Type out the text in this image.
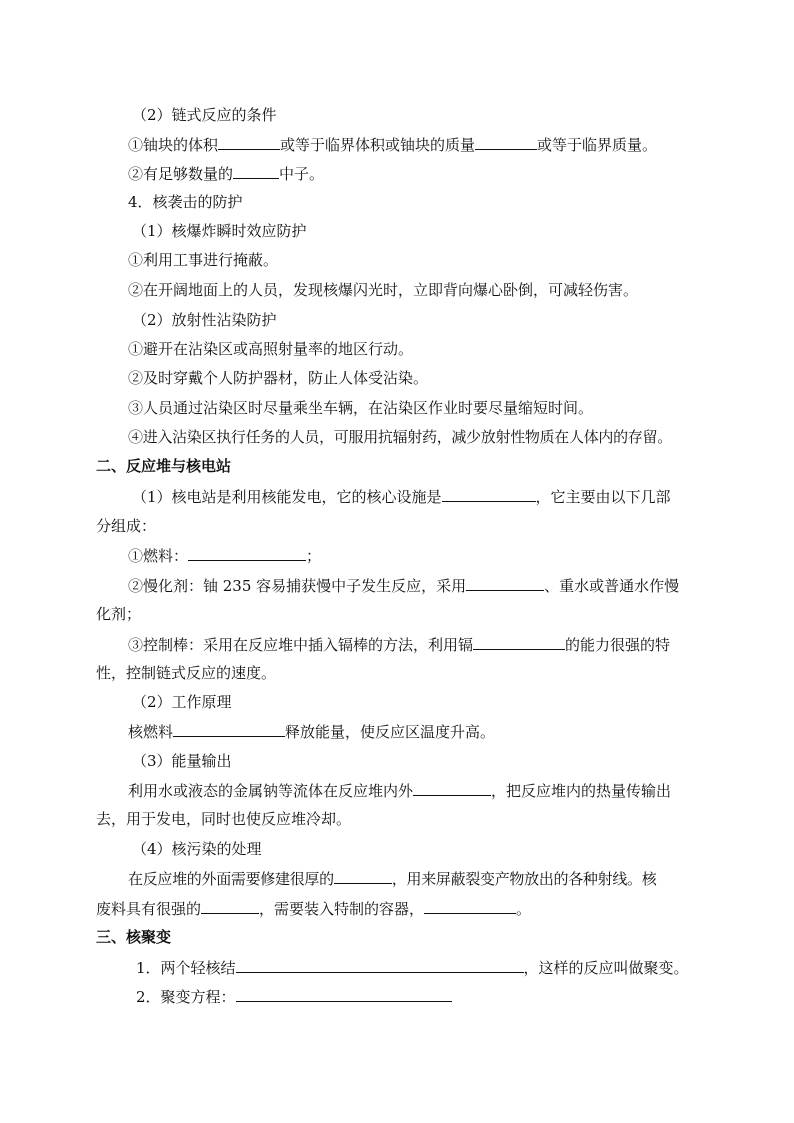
（2）链式反应的条件
①铀块的体积	或等于临界体积或铀块的质量	或等于临界质量。
②有足够数量的	中子。
4．核袭击的防护
（1）核爆炸瞬时效应防护
①利用工事进行掩蔽。
②在开阔地面上的人员，发现核爆闪光时，立即背向爆心卧倒，可减轻伤害。
（2）放射性沾染防护
①避开在沾染区或高照射量率的地区行动。
②及时穿戴个人防护器材，防止人体受沾染。
③人员通过沾染区时尽量乘坐车辆，在沾染区作业时要尽量缩短时间。
④进入沾染区执行任务的人员，可服用抗辐射药，减少放射性物质在人体内的存留。
二、反应堆与核电站
（1）核电站是利用核能发电，它的核心设施是	，它主要由以下几部
分组成：
①燃料：	；
②慢化剂：铀 235 容易捕获慢中子发生反应，采用	、重水或普通水作慢
化剂；
③控制棒：采用在反应堆中插入镉棒的方法，利用镉	的能力很强的特
性，控制链式反应的速度。
（2）工作原理
核燃料	释放能量，使反应区温度升高。
（3）能量输出
利用水或液态的金属钠等流体在反应堆内外	，把反应堆内的热量传输出
去，用于发电，同时也使反应堆冷却。
（4）核污染的处理
在反应堆的外面需要修建很厚的	，用来屏蔽裂变产物放出的各种射线。核
废料具有很强的	，需要装入特制的容器，	。
三、核聚变
1．两个轻核结	，这样的反应叫做聚变。
2．聚变方程：
